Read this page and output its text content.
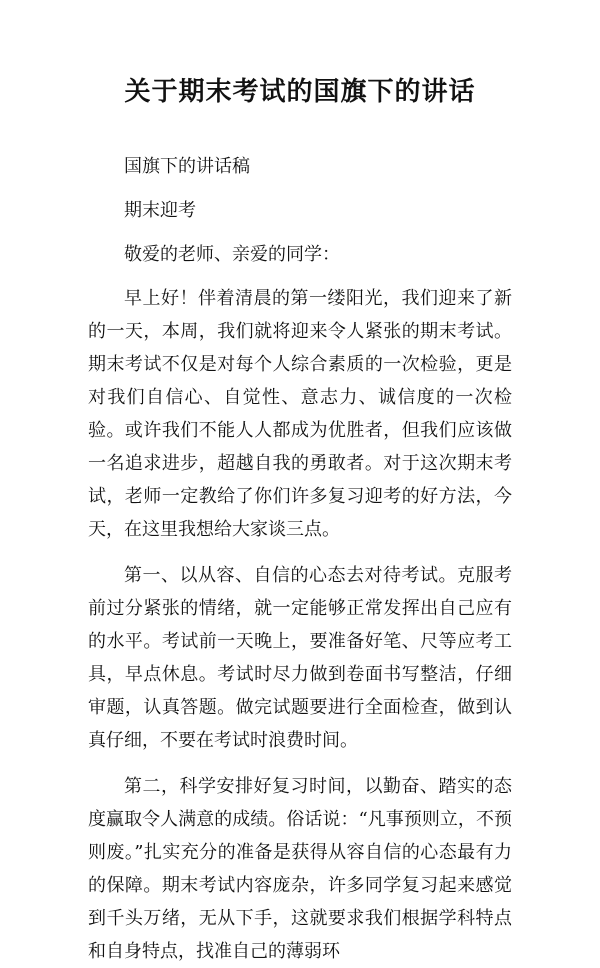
关于期末考试的国旗下的讲话

国旗下的讲话稿

期末迎考

敬爱的老师、亲爱的同学：

早上好！伴着清晨的第一缕阳光，我们迎来了新的一天，本周，我们就将迎来令人紧张的期末考试。期末考试不仅是对每个人综合素质的一次检验，更是对我们自信心、自觉性、意志力、诚信度的一次检验。或许我们不能人人都成为优胜者，但我们应该做一名追求进步，超越自我的勇敢者。对于这次期末考试，老师一定教给了你们许多复习迎考的好方法，今天，在这里我想给大家谈三点。

第一、以从容、自信的心态去对待考试。克服考前过分紧张的情绪，就一定能够正常发挥出自己应有的水平。考试前一天晚上，要准备好笔、尺等应考工具，早点休息。考试时尽力做到卷面书写整洁，仔细审题，认真答题。做完试题要进行全面检查，做到认真仔细，不要在考试时浪费时间。

第二，科学安排好复习时间，以勤奋、踏实的态度赢取令人满意的成绩。俗话说：“凡事预则立，不预则废。”扎实充分的准备是获得从容自信的心态最有力的保障。期末考试内容庞杂，许多同学复习起来感觉到千头万绪，无从下手，这就要求我们根据学科特点和自身特点，找准自己的薄弱环
